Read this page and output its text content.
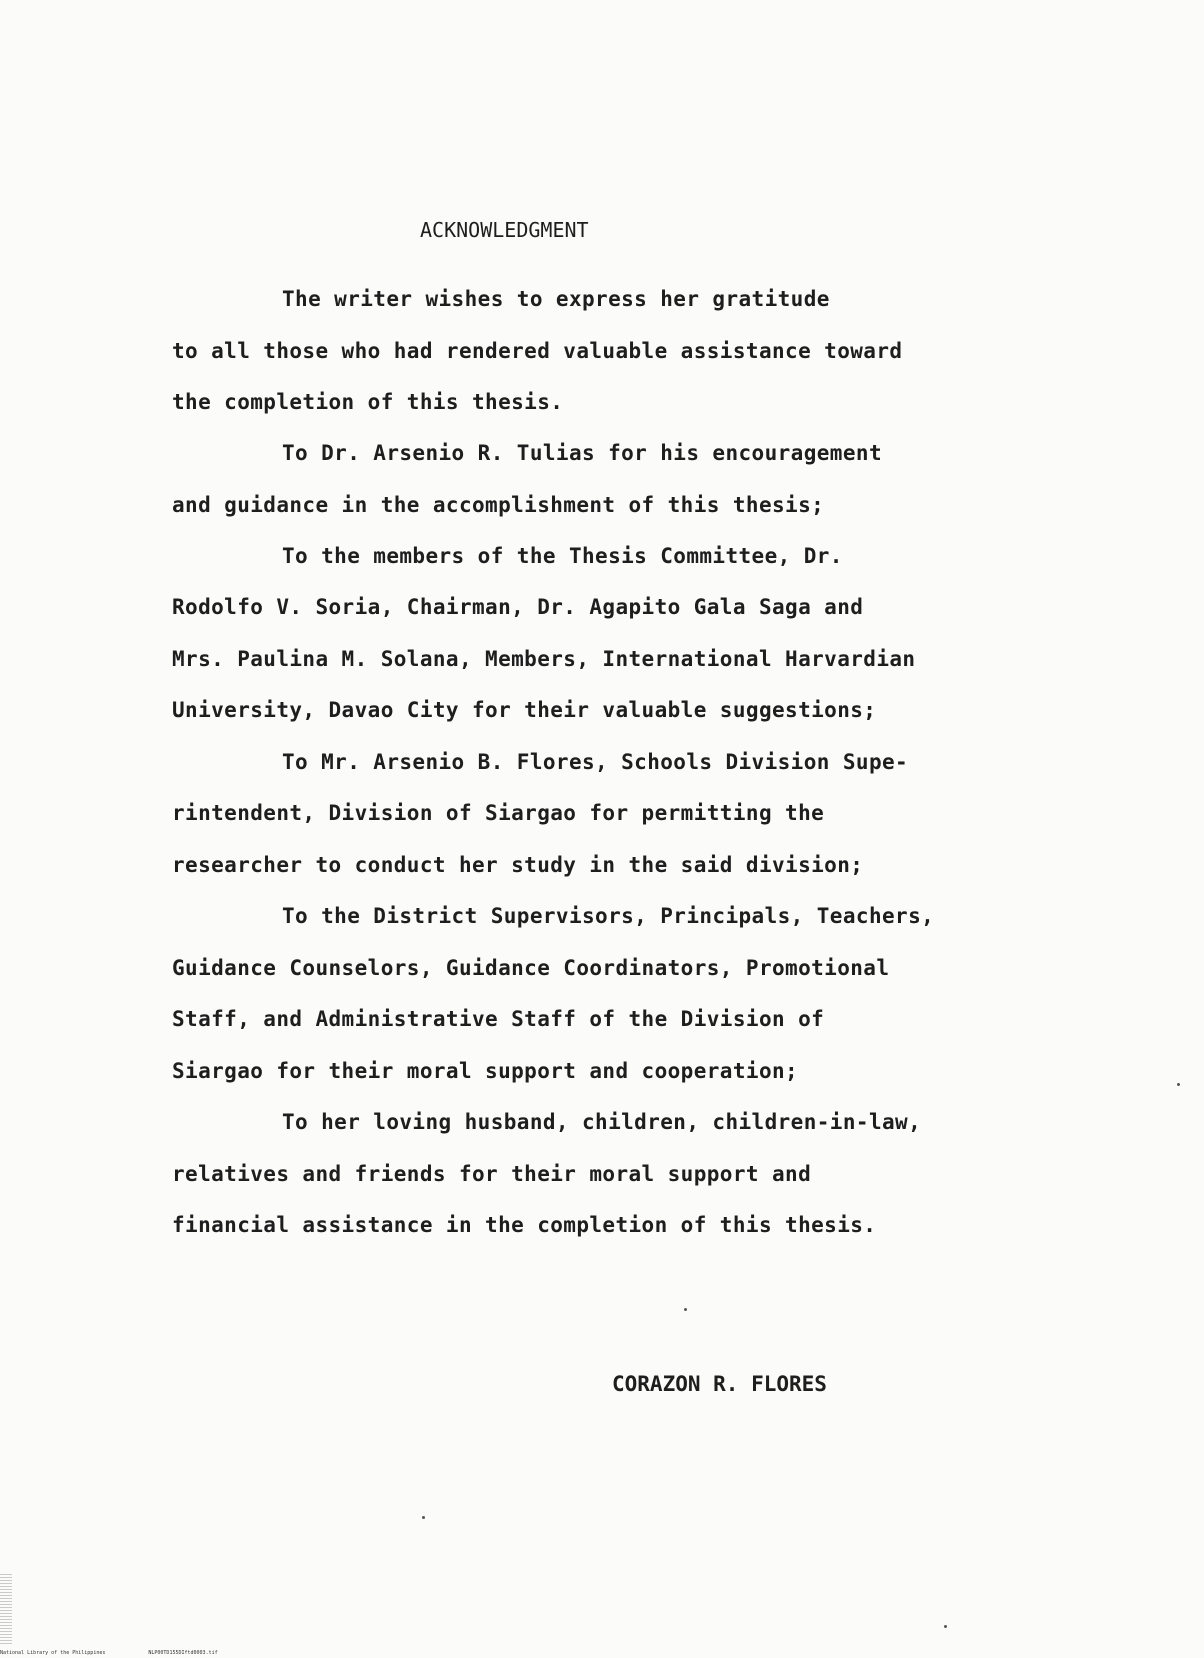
ACKNOWLEDGMENT
The writer wishes to express her gratitude
to all those who had rendered valuable assistance toward
the completion of this thesis.
To Dr. Arsenio R. Tulias for his encouragement
and guidance in the accomplishment of this thesis;
To the members of the Thesis Committee, Dr.
Rodolfo V. Soria, Chairman, Dr. Agapito Gala Saga and
Mrs. Paulina M. Solana, Members, International Harvardian
University, Davao City for their valuable suggestions;
To Mr. Arsenio B. Flores, Schools Division Supe-
rintendent, Division of Siargao for permitting the
researcher to conduct her study in the said division;
To the District Supervisors, Principals, Teachers,
Guidance Counselors, Guidance Coordinators, Promotional
Staff, and Administrative Staff of the Division of
Siargao for their moral support and cooperation;
To her loving husband, children, children-in-law,
relatives and friends for their moral support and
financial assistance in the completion of this thesis.
CORAZON R. FLORES
National Library of the Philippines	NLP00TD155DIftd0003.tif
